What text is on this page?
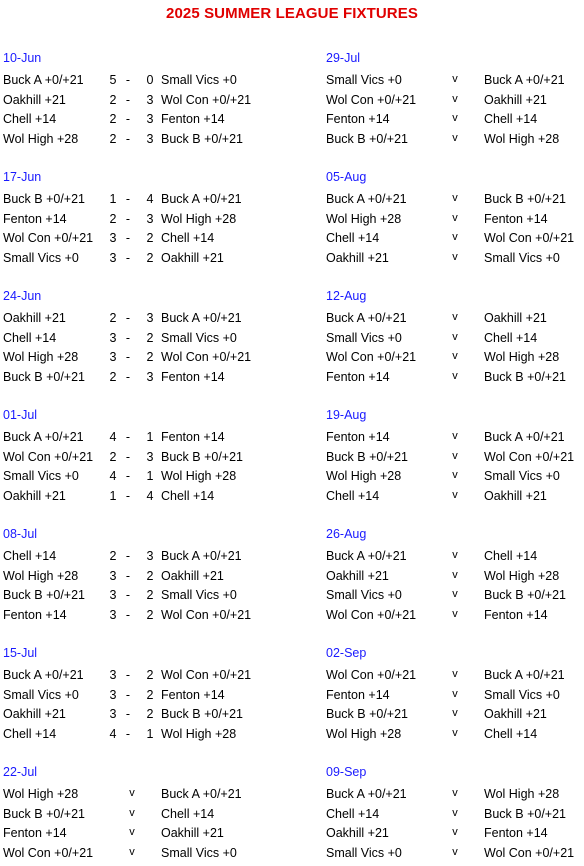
2025 SUMMER LEAGUE FIXTURES
10-Jun
Buck A +0/+21 5 - 0 Small Vics +0
Oakhill +21	2 - 3 Wol Con +0/+21
Chell +14	2 - 3 Fenton +14
Wol High +28	2 - 3 Buck B +0/+21
17-Jun
Buck B +0/+21 1 - 4 Buck A +0/+21
Fenton +14	2 - 3 Wol High +28
Wol Con +0/+21 3 - 2 Chell +14
Small Vics +0 3 - 2 Oakhill +21
24-Jun
Oakhill +21	2 - 3 Buck A +0/+21
Chell +14	3 - 2 Small Vics +0
Wol High +28	3 - 2 Wol Con +0/+21
Buck B +0/+21 2 - 3 Fenton +14
01-Jul
Buck A +0/+21 4 - 1 Fenton +14
Wol Con +0/+21 2 - 3 Buck B +0/+21
Small Vics +0 4 - 1 Wol High +28
Oakhill +21	1 - 4 Chell +14
08-Jul
Chell +14	2 - 3 Buck A +0/+21
Wol High +28	3 - 2 Oakhill +21
Buck B +0/+21 3 - 2 Small Vics +0
Fenton +14	3 - 2 Wol Con +0/+21
15-Jul
Buck A +0/+21 3 - 2 Wol Con +0/+21
Small Vics +0 3 - 2 Fenton +14
Oakhill +21	3 - 2 Buck B +0/+21
Chell +14	4 - 1 Wol High +28
22-Jul
Wol High +28	v Buck A +0/+21
Buck B +0/+21	v Chell +14
Fenton +14	v Oakhill +21
Wol Con +0/+21	v Small Vics +0
29-Jul
Small Vics +0	v Buck A +0/+21
Wol Con +0/+21	v Oakhill +21
Fenton +14	v Chell +14
Buck B +0/+21	v Wol High +28
05-Aug
Buck A +0/+21	v Buck B +0/+21
Wol High +28	v Fenton +14
Chell +14	v Wol Con +0/+21
Oakhill +21	v Small Vics +0
12-Aug
Buck A +0/+21	v Oakhill +21
Small Vics +0	v Chell +14
Wol Con +0/+21	v Wol High +28
Fenton +14	v Buck B +0/+21
19-Aug
Fenton +14	v Buck A +0/+21
Buck B +0/+21	v Wol Con +0/+21
Wol High +28	v Small Vics +0
Chell +14	v Oakhill +21
26-Aug
Buck A +0/+21	v Chell +14
Oakhill +21	v Wol High +28
Small Vics +0	v Buck B +0/+21
Wol Con +0/+21	v Fenton +14
02-Sep
Wol Con +0/+21	v Buck A +0/+21
Fenton +14	v Small Vics +0
Buck B +0/+21	v Oakhill +21
Wol High +28	v Chell +14
09-Sep
Buck A +0/+21	v Wol High +28
Chell +14	v Buck B +0/+21
Oakhill +21	v Fenton +14
Small Vics +0	v Wol Con +0/+21
